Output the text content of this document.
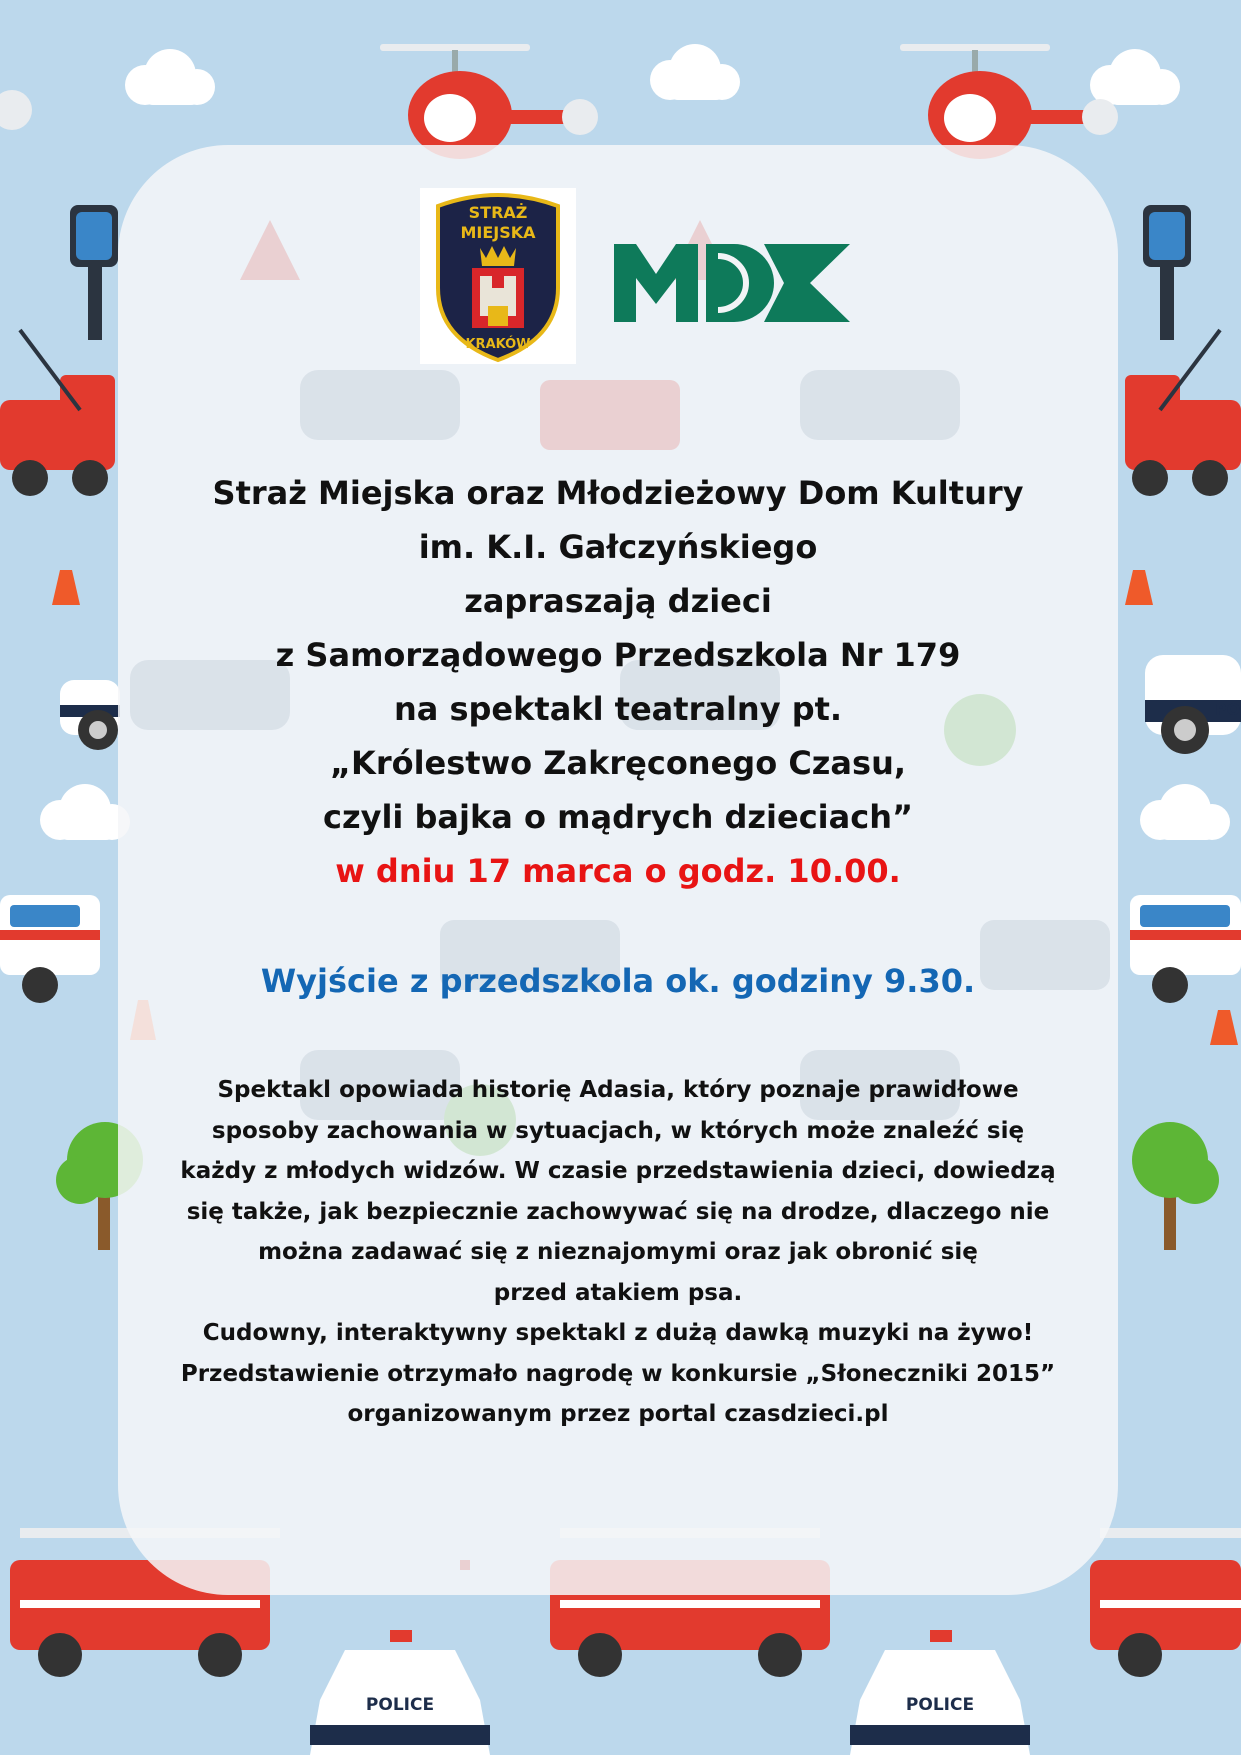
PO
POLICE	POLICE
STRAŻ
MIEJSKA
KRAKÓW
Straż Miejska oraz Młodzieżowy Dom Kultury
im. K.I. Gałczyńskiego
zapraszają dzieci
z Samorządowego Przedszkola Nr 179
na spektakl teatralny pt.
„Królestwo Zakręconego Czasu,
czyli bajka o mądrych dzieciach”
w dniu 17 marca o godz. 10.00.
Wyjście z przedszkola ok. godziny 9.30.
Spektakl opowiada historię Adasia, który poznaje prawidłowe
sposoby zachowania w sytuacjach, w których może znaleźć się
każdy z młodych widzów. W czasie przedstawienia dzieci, dowiedzą
się także, jak bezpiecznie zachowywać się na drodze, dlaczego nie
można zadawać się z nieznajomymi oraz jak obronić się
przed atakiem psa.
Cudowny, interaktywny spektakl z dużą dawką muzyki na żywo!
Przedstawienie otrzymało nagrodę w konkursie „Słoneczniki 2015”
organizowanym przez portal czasdzieci.pl
